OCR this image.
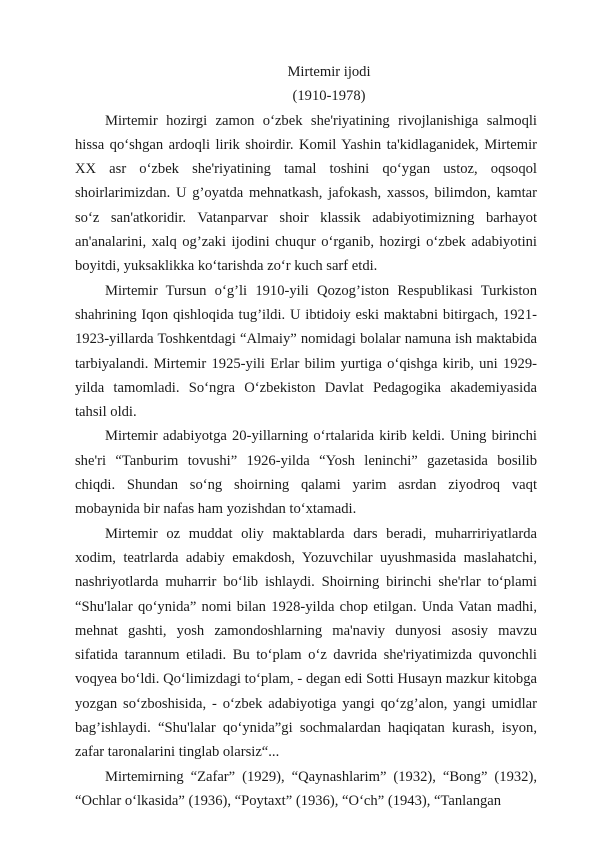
Mirtemir ijodi

(1910-1978)

Mirtemir hozirgi zamon o‘zbek she'riyatining rivojlanishiga salmoqli hissa qo‘shgan ardoqli lirik shoirdir. Komil Yashin ta'kidlaganidek, Mirtemir XX asr o‘zbek she'riyatining tamal toshini qo‘ygan ustoz, oqsoqol shoirlarimizdan. U g’oyatda mehnatkash, jafokash, xassos, bilimdon, kamtar so‘z san'atkoridir. Vatanparvar shoir klassik adabiyotimizning barhayot an'analarini, xalq og’zaki ijodini chuqur o‘rganib, hozirgi o‘zbek adabiyotini boyitdi, yuksaklikka ko‘tarishda zo‘r kuch sarf etdi.

Mirtemir Tursun o‘g’li 1910-yili Qozog’iston Respublikasi Turkiston shahrining Iqon qishloqida tug’ildi. U ibtidoiy eski maktabni bitirgach, 1921-1923-yillarda Toshkentdagi “Almaiy” nomidagi bolalar namuna ish maktabida tarbiyalandi. Mirtemir 1925-yili Erlar bilim yurtiga o‘qishga kirib, uni 1929-yilda tamomladi. So‘ngra O‘zbekiston Davlat Pedagogika akademiyasida tahsil oldi.

Mirtemir adabiyotga 20-yillarning o‘rtalarida kirib keldi. Uning birinchi she'ri “Tanburim tovushi” 1926-yilda “Yosh leninchi” gazetasida bosilib chiqdi. Shundan so‘ng shoirning qalami yarim asrdan ziyodroq vaqt mobaynida bir nafas ham yozishdan to‘xtamadi.

Mirtemir oz muddat oliy maktablarda dars beradi, muharririyatlarda xodim, teatrlarda adabiy emakdosh, Yozuvchilar uyushmasida maslahatchi, nashriyotlarda muharrir bo‘lib ishlaydi. Shoirning birinchi she'rlar to‘plami “Shu'lalar qo‘ynida” nomi bilan 1928-yilda chop etilgan. Unda Vatan madhi, mehnat gashti, yosh zamondoshlarning ma'naviy dunyosi asosiy mavzu sifatida tarannum etiladi. Bu to‘plam o‘z davrida she'riyatimizda quvonchli voqyea bo‘ldi. Qo‘limizdagi to‘plam, - degan edi Sotti Husayn mazkur kitobga yozgan so‘zboshisida, - o‘zbek adabiyotiga yangi qo‘zg’alon, yangi umidlar bag’ishlaydi. “Shu'lalar qo‘ynida”gi sochmalardan haqiqatan kurash, isyon, zafar taronalarini tinglab olarsiz“...

Mirtemirning “Zafar” (1929), “Qaynashlarim” (1932), “Bong” (1932), “Ochlar o‘lkasida” (1936), “Poytaxt” (1936), “O‘ch” (1943), “Tanlangan
